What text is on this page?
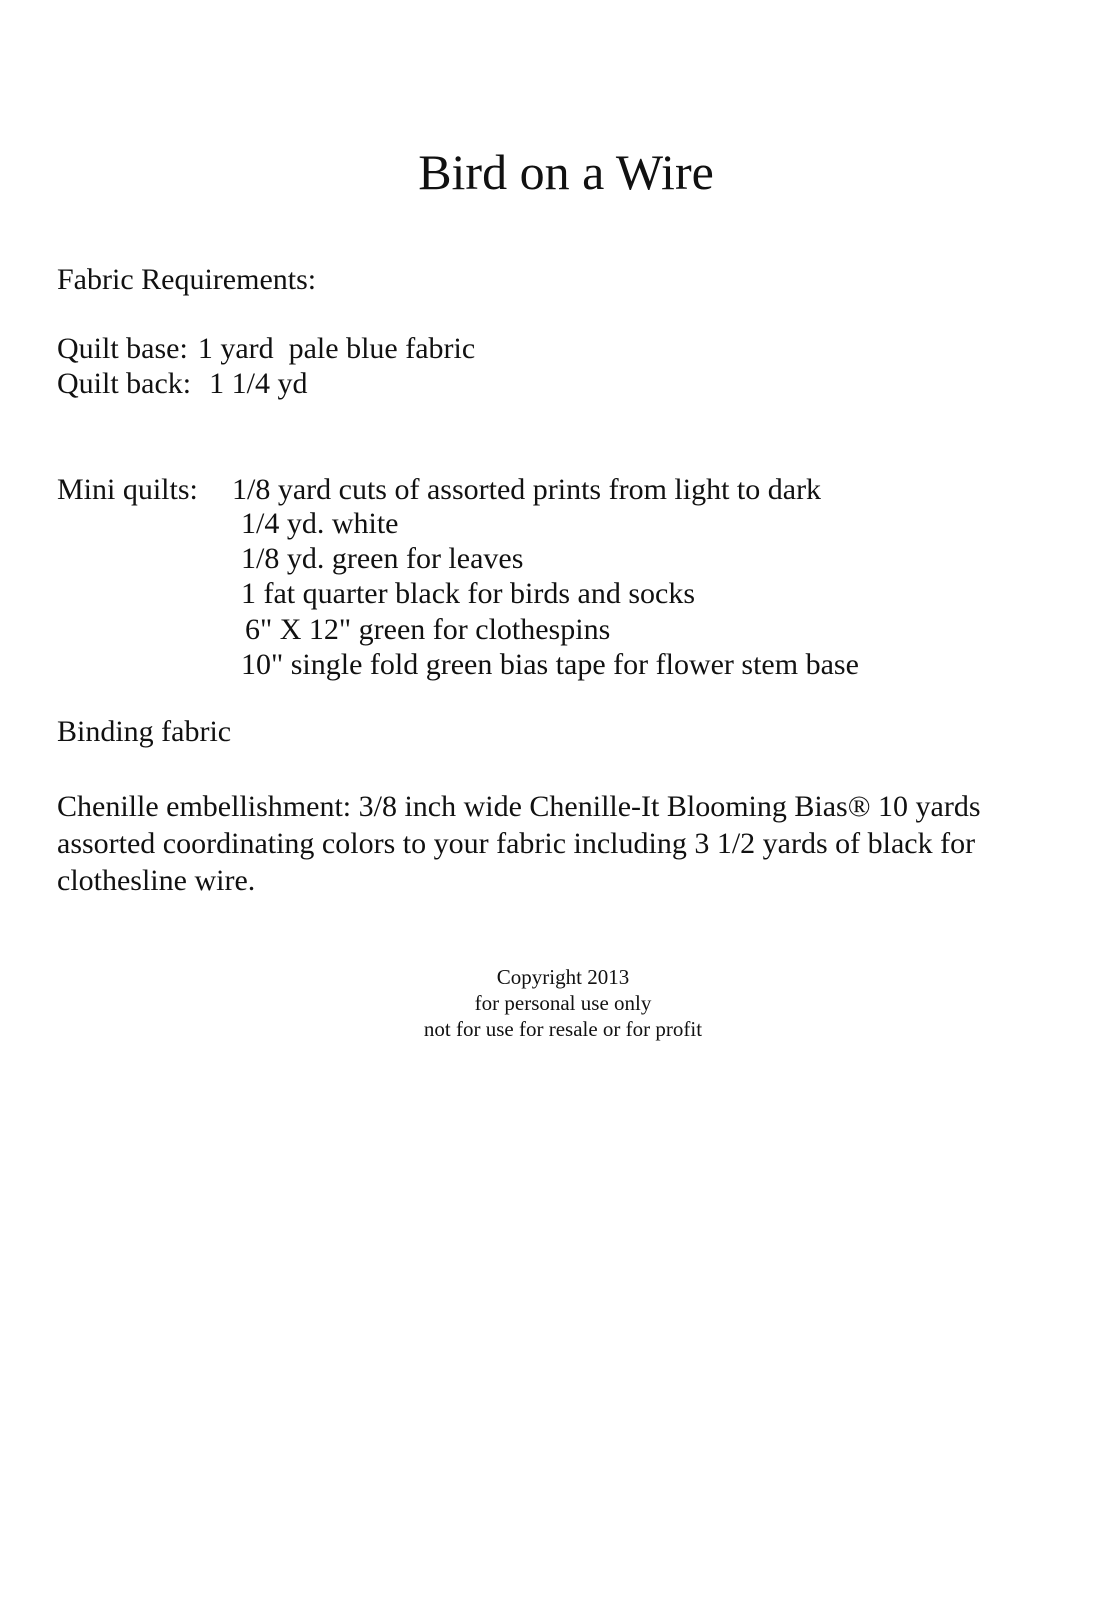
Bird on a Wire
Fabric Requirements:
Quilt base: 1 yard  pale blue fabric
Quilt back: 1 1/4 yd
Mini quilts: 1/8 yard cuts of assorted prints from light to dark
1/4 yd. white
1/8 yd. green for leaves
1 fat quarter black for birds and socks
6" X 12" green for clothespins
10" single fold green bias tape for flower stem base
Binding fabric
Chenille embellishment: 3/8 inch wide Chenille-It Blooming Bias® 10 yards assorted coordinating colors to your fabric including 3 1/2 yards of black for clothesline wire.
Copyright 2013
for personal use only
not for use for resale or for profit
